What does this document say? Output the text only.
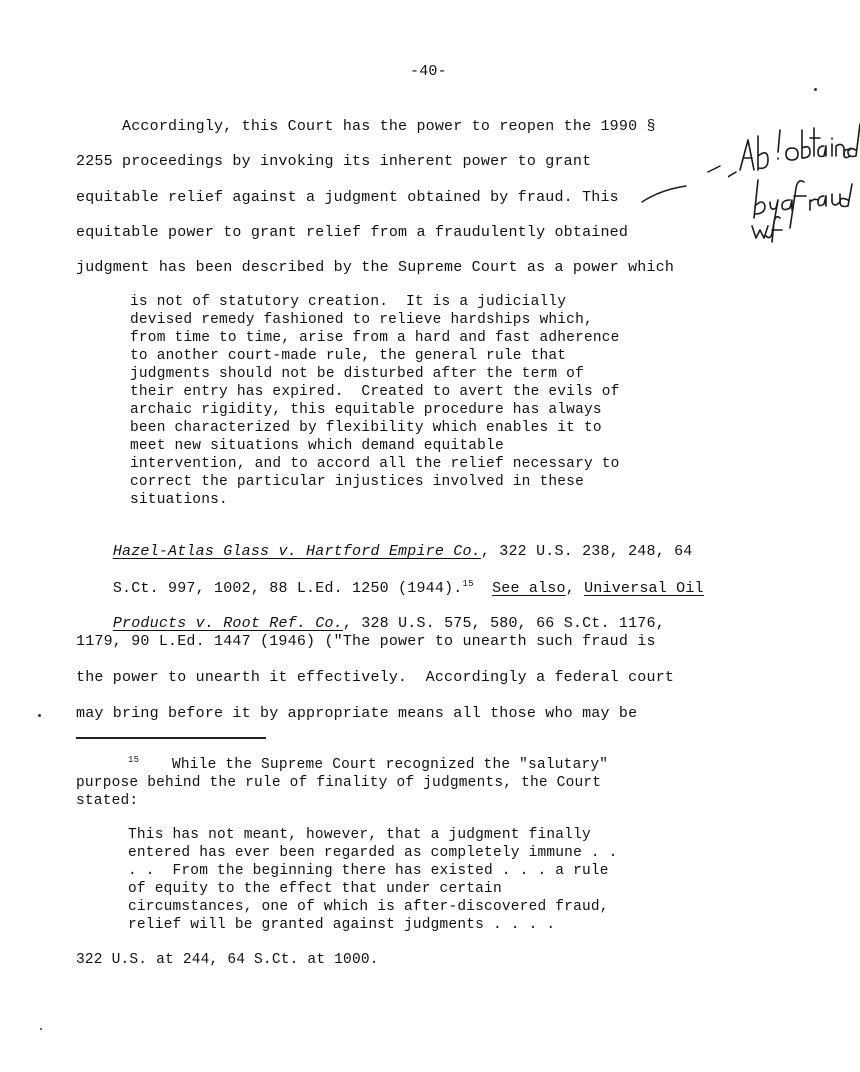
-40-
Accordingly, this Court has the power to reopen the 1990 §
2255 proceedings by invoking its inherent power to grant
equitable relief against a judgment obtained by fraud. This
equitable power to grant relief from a fraudulently obtained
judgment has been described by the Supreme Court as a power which
is not of statutory creation.  It is a judicially
devised remedy fashioned to relieve hardships which,
from time to time, arise from a hard and fast adherence
to another court-made rule, the general rule that
judgments should not be disturbed after the term of
their entry has expired.  Created to avert the evils of
archaic rigidity, this equitable procedure has always
been characterized by flexibility which enables it to
meet new situations which demand equitable
intervention, and to accord all the relief necessary to
correct the particular injustices involved in these
situations.

Hazel-Atlas Glass v. Hartford Empire Co., 322 U.S. 238, 248, 64

S.Ct. 997, 1002, 88 L.Ed. 1250 (1944).$^{15}$ See also, Universal Oil

Products v. Root Ref. Co., 328 U.S. 575, 580, 66 S.Ct. 1176,

1179, 90 L.Ed. 1447 (1946) ("The power to unearth such fraud is
the power to unearth it effectively.  Accordingly a federal court
may bring before it by appropriate means all those who may be
15 While the Supreme Court recognized the "salutary"
purpose behind the rule of finality of judgments, the Court
stated:
This has not meant, however, that a judgment finally
entered has ever been regarded as completely immune . .
. .  From the beginning there has existed . . . a rule
of equity to the effect that under certain
circumstances, one of which is after-discovered fraud,
relief will be granted against judgments . . . .
322 U.S. at 244, 64 S.Ct. at 1000.
